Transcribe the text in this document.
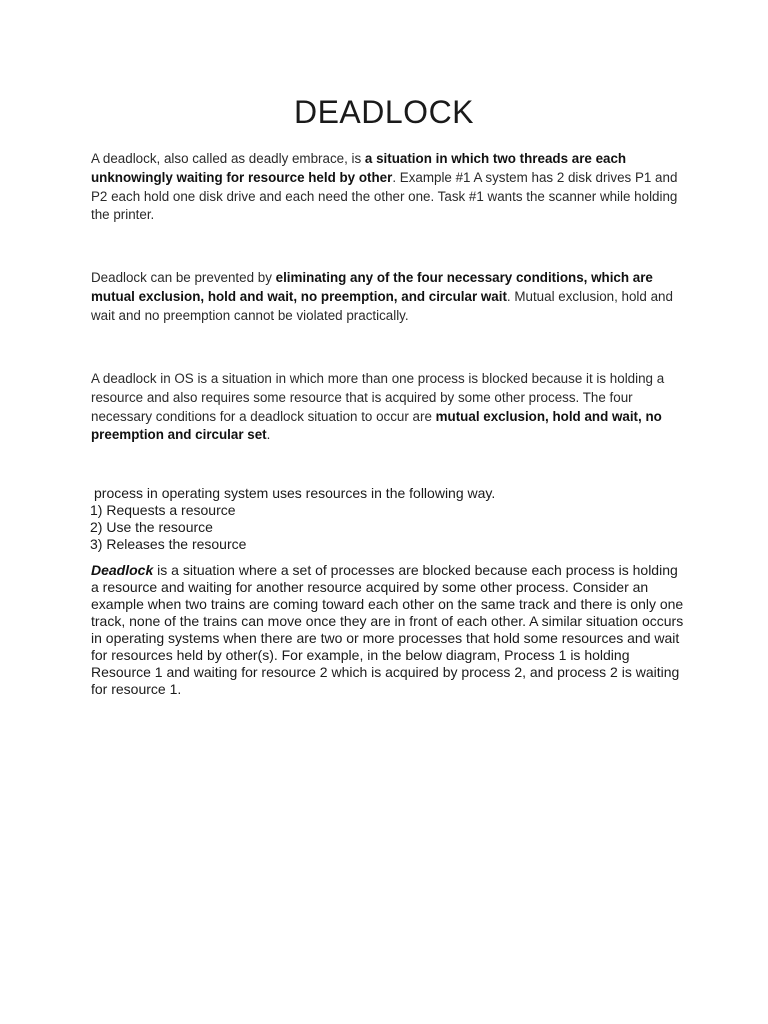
DEADLOCK

A deadlock, also called as deadly embrace, is a situation in which two threads are each unknowingly waiting for resource held by other. Example #1 A system has 2 disk drives P1 and P2 each hold one disk drive and each need the other one. Task #1 wants the scanner while holding the printer.

Deadlock can be prevented by eliminating any of the four necessary conditions, which are mutual exclusion, hold and wait, no preemption, and circular wait. Mutual exclusion, hold and wait and no preemption cannot be violated practically.

A deadlock in OS is a situation in which more than one process is blocked because it is holding a resource and also requires some resource that is acquired by some other process. The four necessary conditions for a deadlock situation to occur are mutual exclusion, hold and wait, no preemption and circular set.

process in operating system uses resources in the following way.
1) Requests a resource
2) Use the resource
3) Releases the resource

Deadlock is a situation where a set of processes are blocked because each process is holding a resource and waiting for another resource acquired by some other process. Consider an example when two trains are coming toward each other on the same track and there is only one track, none of the trains can move once they are in front of each other. A similar situation occurs in operating systems when there are two or more processes that hold some resources and wait for resources held by other(s). For example, in the below diagram, Process 1 is holding Resource 1 and waiting for resource 2 which is acquired by process 2, and process 2 is waiting for resource 1.
